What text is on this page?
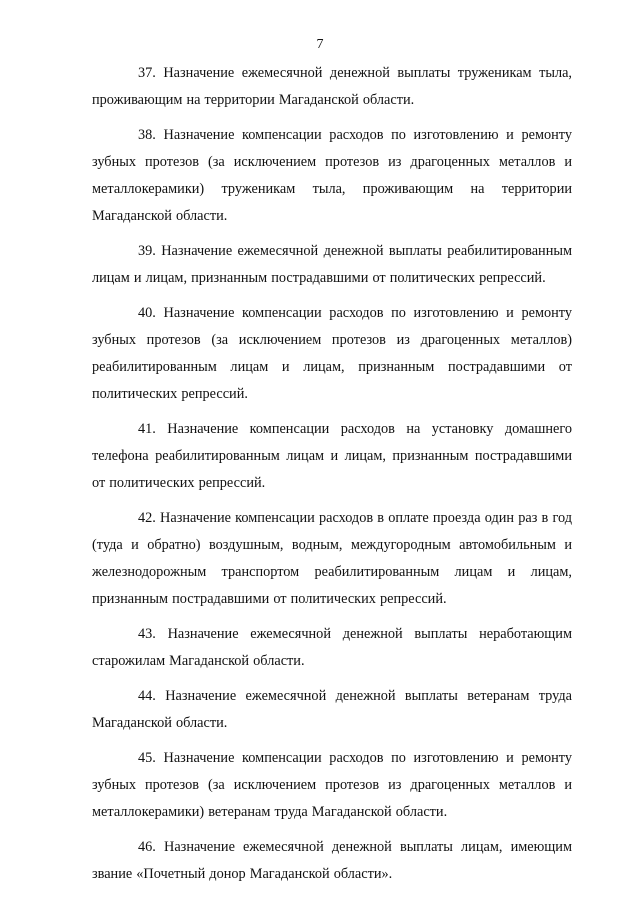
7

37. Назначение ежемесячной денежной выплаты труженикам тыла, проживающим на территории Магаданской области.

38. Назначение компенсации расходов по изготовлению и ремонту зубных протезов (за исключением протезов из драгоценных металлов и металлокерамики) труженикам тыла, проживающим на территории Магаданской области.

39. Назначение ежемесячной денежной выплаты реабилитированным лицам и лицам, признанным пострадавшими от политических репрессий.

40. Назначение компенсации расходов по изготовлению и ремонту зубных протезов (за исключением протезов из драгоценных металлов) реабилитированным лицам и лицам, признанным пострадавшими от политических репрессий.

41. Назначение компенсации расходов на установку домашнего телефона реабилитированным лицам и лицам, признанным пострадавшими от политических репрессий.

42. Назначение компенсации расходов в оплате проезда один раз в год (туда и обратно) воздушным, водным, междугородным автомобильным и железнодорожным транспортом реабилитированным лицам и лицам, признанным пострадавшими от политических репрессий.

43. Назначение ежемесячной денежной выплаты неработающим старожилам Магаданской области.

44. Назначение ежемесячной денежной выплаты ветеранам труда Магаданской области.

45. Назначение компенсации расходов по изготовлению и ремонту зубных протезов (за исключением протезов из драгоценных металлов и металлокерамики) ветеранам труда Магаданской области.

46. Назначение ежемесячной денежной выплаты лицам, имеющим звание «Почетный донор Магаданской области».
